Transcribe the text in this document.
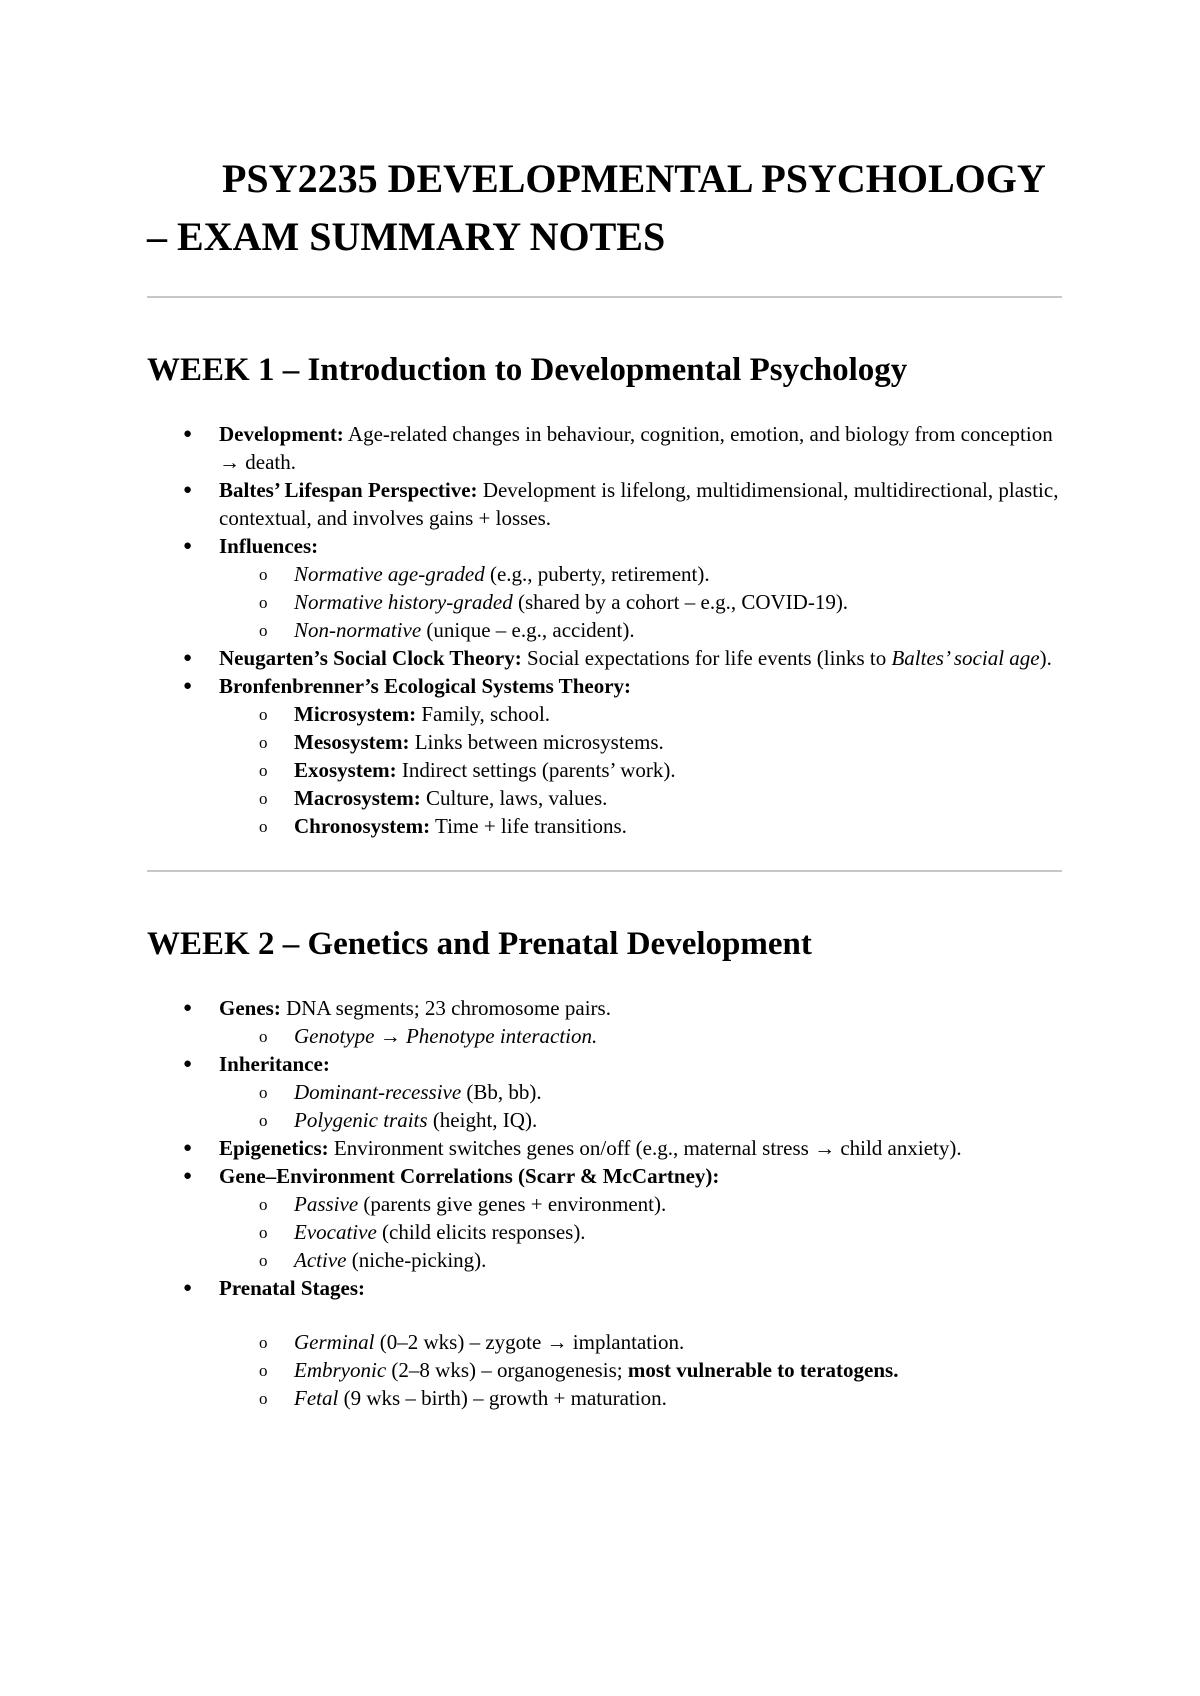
PSY2235 DEVELOPMENTAL PSYCHOLOGY – EXAM SUMMARY NOTES
WEEK 1 – Introduction to Developmental Psychology
● Development: Age-related changes in behaviour, cognition, emotion, and biology from conception → death.
● Baltes’ Lifespan Perspective: Development is lifelong, multidimensional, multidirectional, plastic, contextual, and involves gains + losses.
● Influences:
o Normative age-graded (e.g., puberty, retirement).
o Normative history-graded (shared by a cohort – e.g., COVID-19).
o Non-normative (unique – e.g., accident).
● Neugarten’s Social Clock Theory: Social expectations for life events (links to Baltes’ social age).
● Bronfenbrenner’s Ecological Systems Theory:
o Microsystem: Family, school.
o Mesosystem: Links between microsystems.
o Exosystem: Indirect settings (parents’ work).
o Macrosystem: Culture, laws, values.
o Chronosystem: Time + life transitions.
WEEK 2 – Genetics and Prenatal Development
● Genes: DNA segments; 23 chromosome pairs.
o Genotype → Phenotype interaction.
● Inheritance:
o Dominant-recessive (Bb, bb).
o Polygenic traits (height, IQ).
● Epigenetics: Environment switches genes on/off (e.g., maternal stress → child anxiety).
● Gene–Environment Correlations (Scarr & McCartney):
o Passive (parents give genes + environment).
o Evocative (child elicits responses).
o Active (niche-picking).
● Prenatal Stages:
o Germinal (0–2 wks) – zygote → implantation.
o Embryonic (2–8 wks) – organogenesis; most vulnerable to teratogens.
o Fetal (9 wks – birth) – growth + maturation.
